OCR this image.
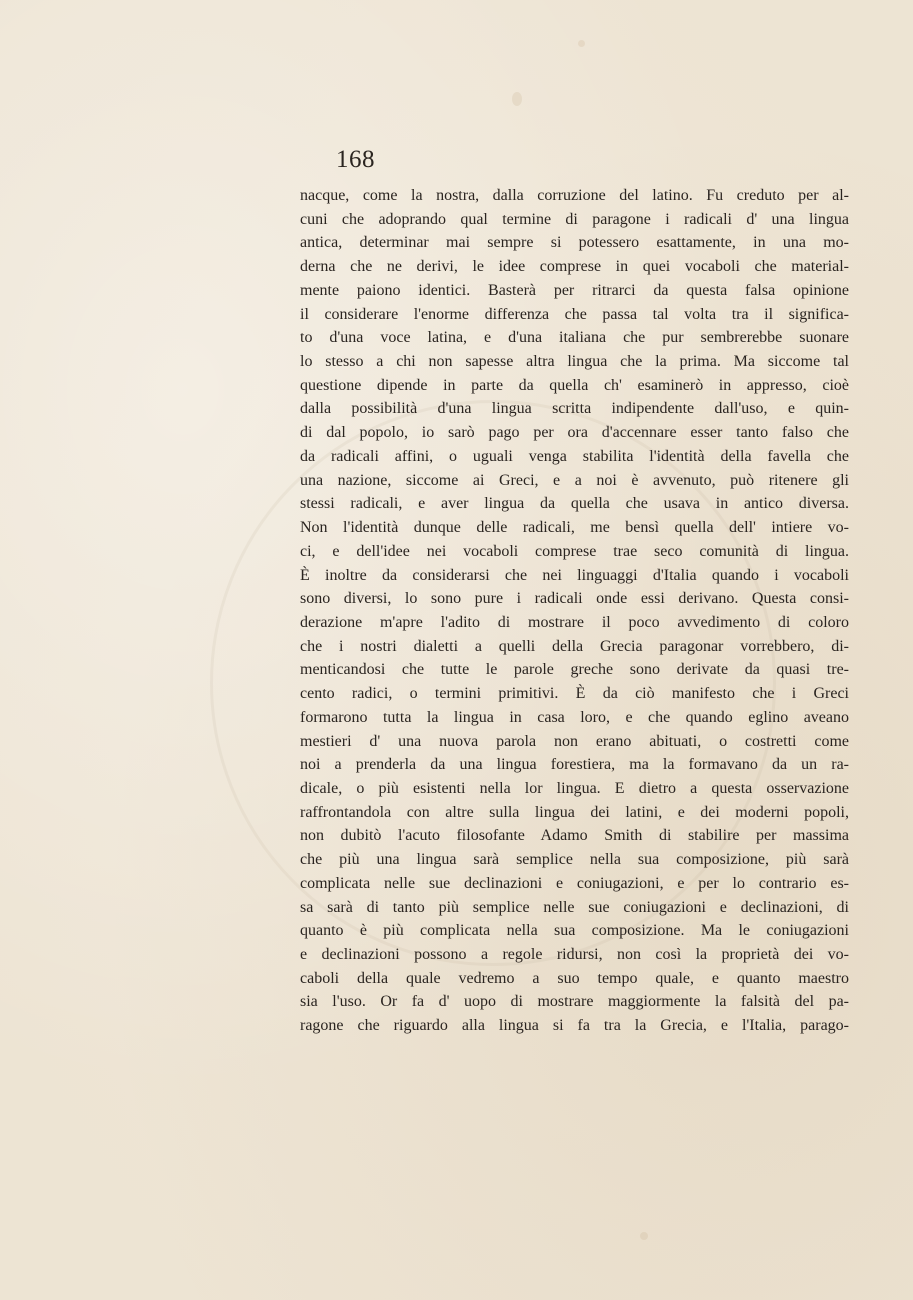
168
nacque, come la nostra, dalla corruzione del latino. Fu creduto per al-
cuni che adoprando qual termine di paragone i radicali d' una lingua
antica, determinar mai sempre si potessero esattamente, in una mo-
derna che ne derivi, le idee comprese in quei vocaboli che material-
mente paiono identici. Basterà per ritrarci da questa falsa opinione
il considerare l'enorme differenza che passa tal volta tra il significa-
to d'una voce latina, e d'una italiana che pur sembrerebbe suonare
lo stesso a chi non sapesse altra lingua che la prima. Ma siccome tal
questione dipende in parte da quella ch' esaminerò in appresso, cioè
dalla possibilità d'una lingua scritta indipendente dall'uso, e quin-
di dal popolo, io sarò pago per ora d'accennare esser tanto falso che
da radicali affini, o uguali venga stabilita l'identità della favella che
una nazione, siccome ai Greci, e a noi è avvenuto, può ritenere gli
stessi radicali, e aver lingua da quella che usava in antico diversa.
Non l'identità dunque delle radicali, me bensì quella dell' intiere vo-
ci, e dell'idee nei vocaboli comprese trae seco comunità di lingua.
È inoltre da considerarsi che nei linguaggi d'Italia quando i vocaboli
sono diversi, lo sono pure i radicali onde essi derivano. Questa consi-
derazione m'apre l'adito di mostrare il poco avvedimento di coloro
che i nostri dialetti a quelli della Grecia paragonar vorrebbero, di-
menticandosi che tutte le parole greche sono derivate da quasi tre-
cento radici, o termini primitivi. È da ciò manifesto che i Greci
formarono tutta la lingua in casa loro, e che quando eglino aveano
mestieri d' una nuova parola non erano abituati, o costretti come
noi a prenderla da una lingua forestiera, ma la formavano da un ra-
dicale, o più esistenti nella lor lingua. E dietro a questa osservazione
raffrontandola con altre sulla lingua dei latini, e dei moderni popoli,
non dubitò l'acuto filosofante Adamo Smith di stabilire per massima
che più una lingua sarà semplice nella sua composizione, più sarà
complicata nelle sue declinazioni e coniugazioni, e per lo contrario es-
sa sarà di tanto più semplice nelle sue coniugazioni e declinazioni, di
quanto è più complicata nella sua composizione. Ma le coniugazioni
e declinazioni possono a regole ridursi, non così la proprietà dei vo-
caboli della quale vedremo a suo tempo quale, e quanto maestro
sia l'uso. Or fa d' uopo di mostrare maggiormente la falsità del pa-
ragone che riguardo alla lingua si fa tra la Grecia, e l'Italia, parago-
